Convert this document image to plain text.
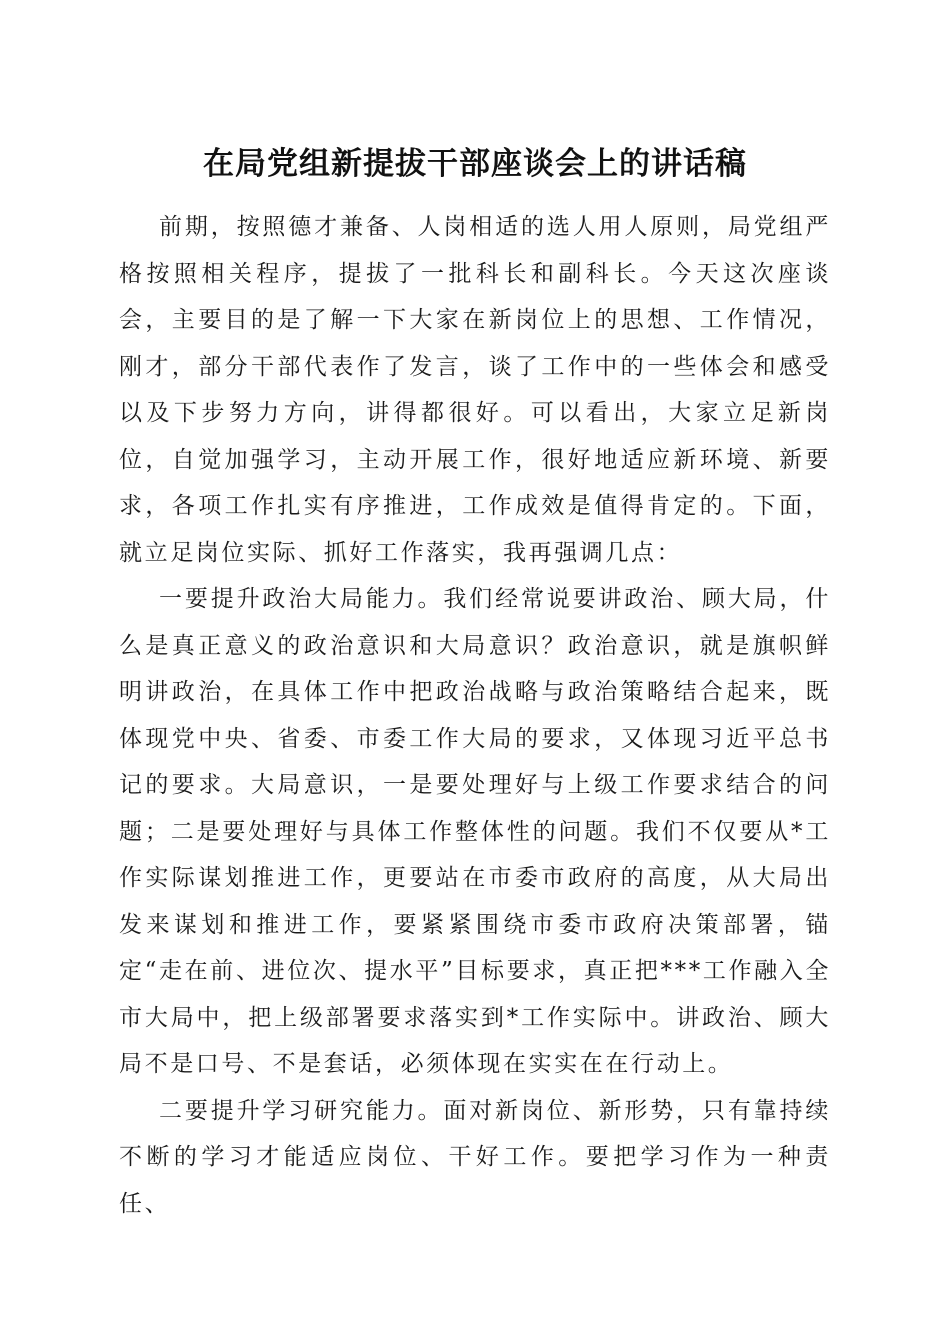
在局党组新提拔干部座谈会上的讲话稿

前期，按照德才兼备、人岗相适的选人用人原则，局党组严格按照相关程序，提拔了一批科长和副科长。今天这次座谈会，主要目的是了解一下大家在新岗位上的思想、工作情况，刚才，部分干部代表作了发言，谈了工作中的一些体会和感受以及下步努力方向，讲得都很好。可以看出，大家立足新岗位，自觉加强学习，主动开展工作，很好地适应新环境、新要求，各项工作扎实有序推进，工作成效是值得肯定的。下面，就立足岗位实际、抓好工作落实，我再强调几点：

一要提升政治大局能力。我们经常说要讲政治、顾大局，什么是真正意义的政治意识和大局意识？政治意识，就是旗帜鲜明讲政治，在具体工作中把政治战略与政治策略结合起来，既体现党中央、省委、市委工作大局的要求，又体现习近平总书记的要求。大局意识，一是要处理好与上级工作要求结合的问题；二是要处理好与具体工作整体性的问题。我们不仅要从*工作实际谋划推进工作，更要站在市委市政府的高度，从大局出发来谋划和推进工作，要紧紧围绕市委市政府决策部署，锚定“走在前、进位次、提水平”目标要求，真正把***工作融入全市大局中，把上级部署要求落实到*工作实际中。讲政治、顾大局不是口号、不是套话，必须体现在实实在在行动上。

二要提升学习研究能力。面对新岗位、新形势，只有靠持续不断的学习才能适应岗位、干好工作。要把学习作为一种责任、
